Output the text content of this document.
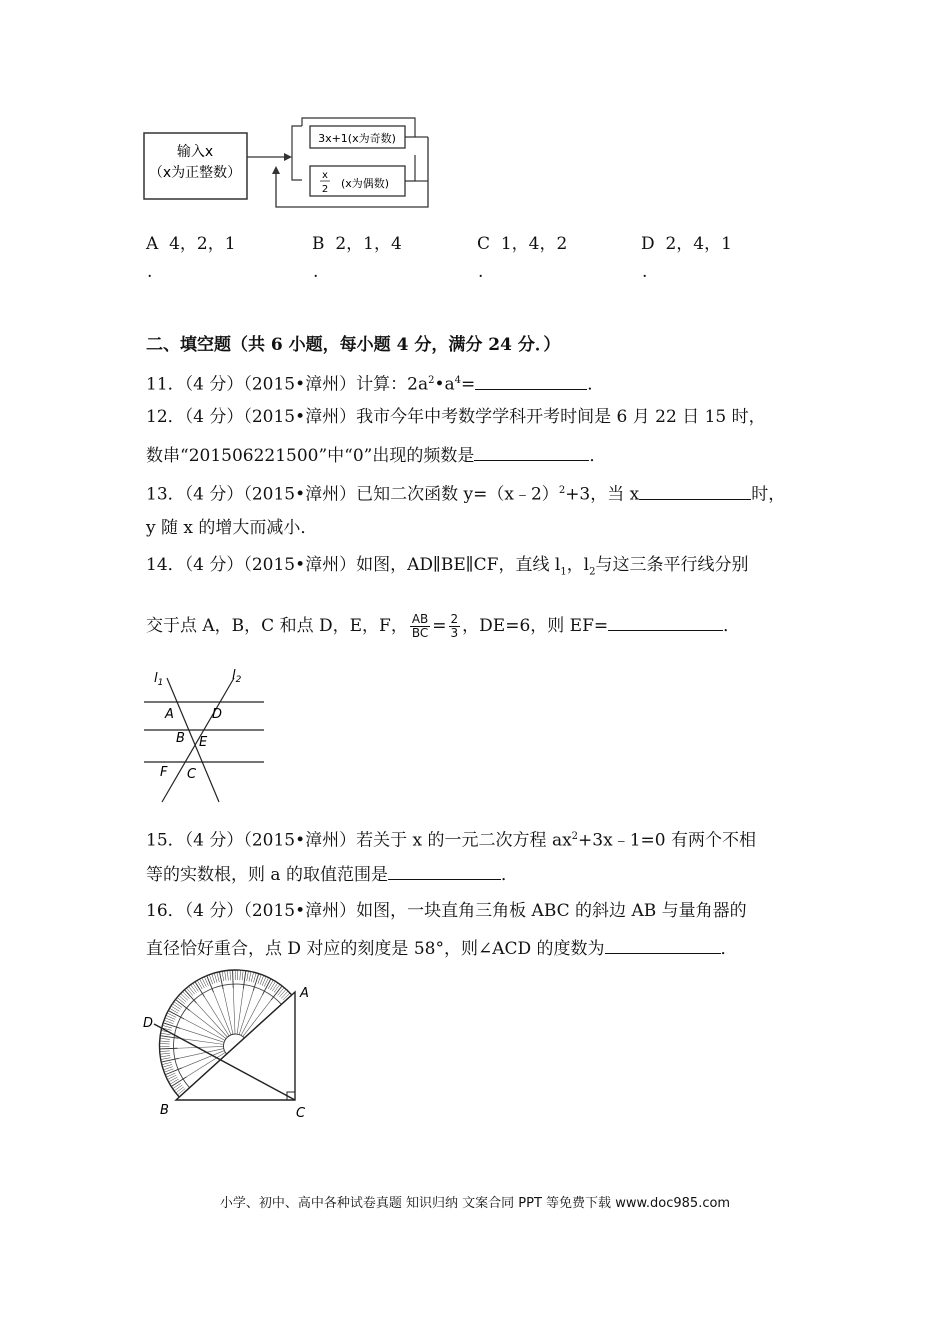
输入x
（x为正整数）
3x+1(x为奇数)
x
2 (x为偶数)
A 4，2，1	B 2，1，4	C 1，4，2	D 2，4，1
.	.	.	.
二、填空题（共 6 小题，每小题 4 分，满分 24 分．）
11．（4 分）（2015•漳州）计算：$2a^2•a^4=$	．
12．（4 分）（2015•漳州）我市今年中考数学学科开考时间是 6 月 22 日 15 时，
数串“201506221500”中“0”出现的频数是	．
13．（4 分）（2015•漳州）已知二次函数 y=（x﹣2）$^2$+3，当 x	时，
y 随 x 的增大而减小．
14．（4 分）（2015•漳州）如图，AD∥BE∥CF，直线 $l_1$，$l_2$与这三条平行线分别
交于点 A，B，C 和点 D，E，F， $\frac{AB}{BC} = \frac{2}{3}$ ，DE=6，则 EF=	．
$l_1$	$l_2$
A	D
B E
F C
15．（4 分）（2015•漳州）若关于 x 的一元二次方程 $ax^2+3x﹣1=0$ 有两个不相
等的实数根，则 a 的取值范围是	．
16．（4 分）（2015•漳州）如图，一块直角三角板 ABC 的斜边 AB 与量角器的
直径恰好重合，点 D 对应的刻度是 58°，则∠ACD 的度数为	．
A
D
B	C
小学、初中、高中各种试卷真题 知识归纳 文案合同 PPT 等免费下载 www.doc985.com
